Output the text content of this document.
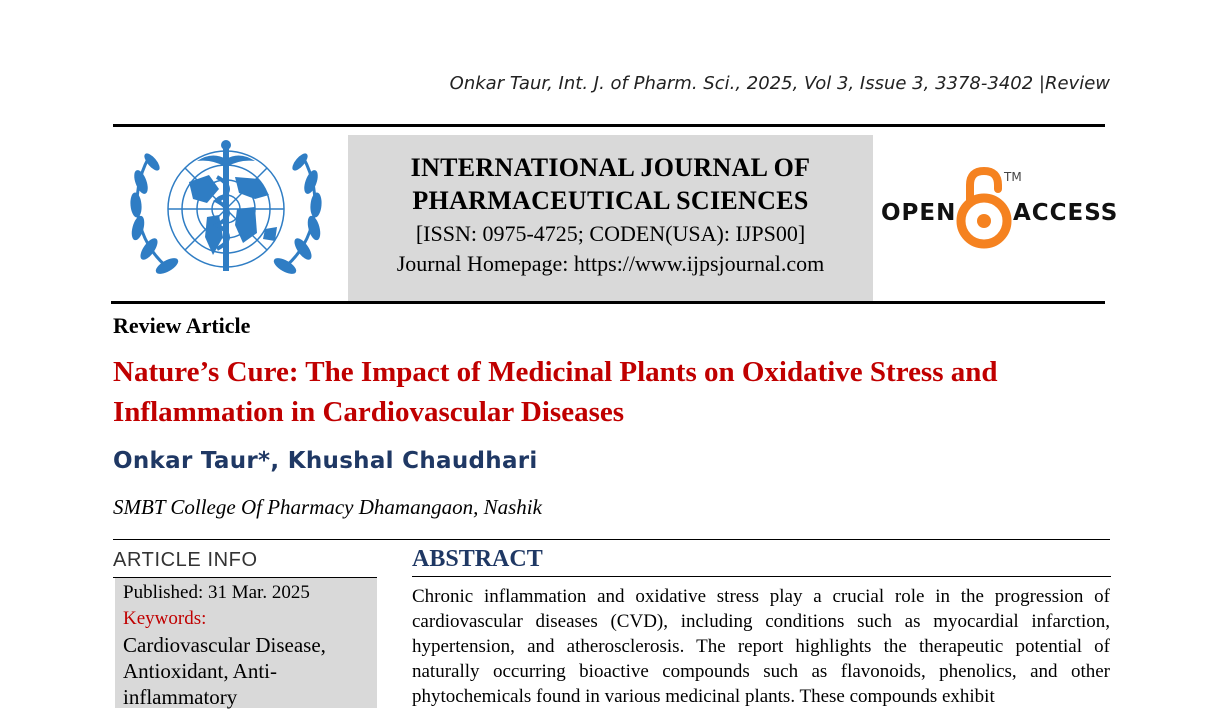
Onkar Taur, Int. J. of Pharm. Sci., 2025, Vol 3, Issue 3, 3378-3402 |Review
INTERNATIONAL JOURNAL OF
PHARMACEUTICAL SCIENCES
[ISSN: 0975-4725; CODEN(USA): IJPS00]
Journal Homepage: https://www.ijpsjournal.com
OPEN
TM
ACCESS
Review Article
Nature’s Cure: The Impact of Medicinal Plants on Oxidative Stress and Inflammation in Cardiovascular Diseases
Onkar Taur*, Khushal Chaudhari
SMBT College Of Pharmacy Dhamangaon, Nashik
ARTICLE INFO
Published: 31 Mar. 2025
Keywords:
Cardiovascular Disease, Antioxidant, Anti-inflammatory
ABSTRACT
Chronic inflammation and oxidative stress play a crucial role in the progression of cardiovascular diseases (CVD), including conditions such as myocardial infarction, hypertension, and atherosclerosis. The report highlights the therapeutic potential of naturally occurring bioactive compounds such as flavonoids, phenolics, and other phytochemicals found in various medicinal plants. These compounds exhibit
